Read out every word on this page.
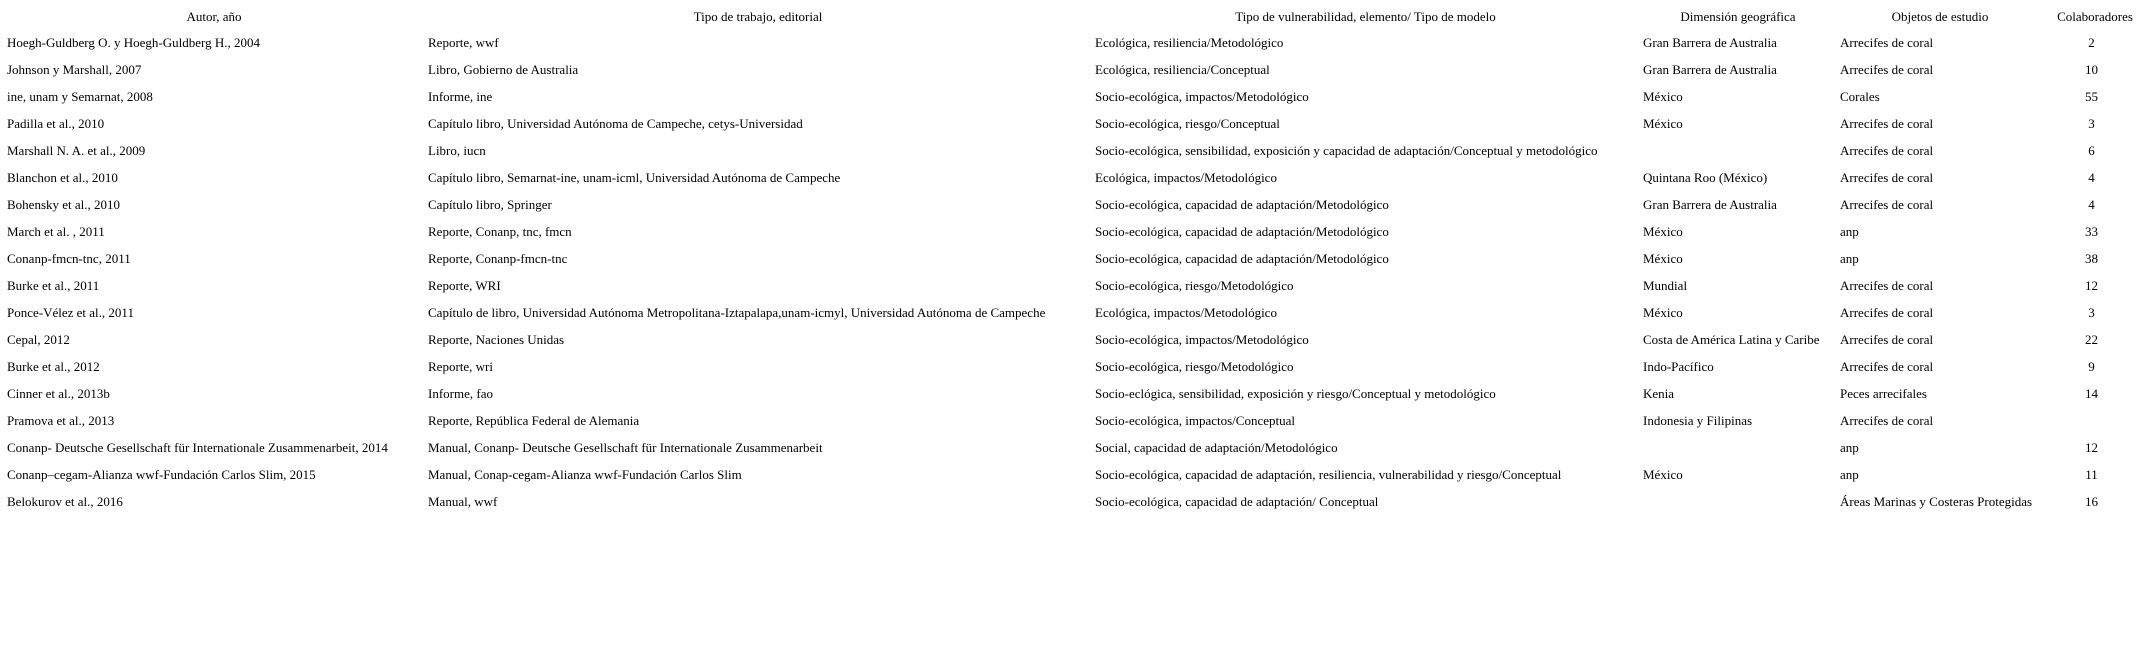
Autor, año	Tipo de trabajo, editorial	Tipo de vulnerabilidad, elemento/ Tipo de modelo	Dimensión geográfica	Objetos de estudio	Colaboradores
Hoegh-Guldberg O. y Hoegh-Guldberg H., 2004	Reporte, wwf	Ecológica, resiliencia/Metodológico	Gran Barrera de Australia	Arrecifes de coral	2
Johnson y Marshall, 2007	Libro, Gobierno de Australia	Ecológica, resiliencia/Conceptual	Gran Barrera de Australia	Arrecifes de coral	10
ine, unam y Semarnat, 2008	Informe, ine	Socio-ecológica, impactos/Metodológico	México	Corales	55
Padilla et al., 2010	Capítulo libro, Universidad Autónoma de Campeche, cetys-Universidad	Socio-ecológica, riesgo/Conceptual	México	Arrecifes de coral	3
Marshall N. A. et al., 2009	Libro, iucn	Socio-ecológica, sensibilidad, exposición y capacidad de adaptación/Conceptual y metodológico		Arrecifes de coral	6
Blanchon et al., 2010	Capítulo libro, Semarnat-ine, unam-icml, Universidad Autónoma de Campeche	Ecológica, impactos/Metodológico	Quintana Roo (México)	Arrecifes de coral	4
Bohensky et al., 2010	Capítulo libro, Springer	Socio-ecológica, capacidad de adaptación/Metodológico	Gran Barrera de Australia	Arrecifes de coral	4
March et al. , 2011	Reporte, Conanp, tnc, fmcn	Socio-ecológica, capacidad de adaptación/Metodológico	México	anp	33
Conanp-fmcn-tnc, 2011	Reporte, Conanp-fmcn-tnc	Socio-ecológica, capacidad de adaptación/Metodológico	México	anp	38
Burke et al., 2011	Reporte, WRI	Socio-ecológica, riesgo/Metodológico	Mundial	Arrecifes de coral	12
Ponce-Vélez et al., 2011	Capítulo de libro, Universidad Autónoma Metropolitana-Iztapalapa,unam-icmyl, Universidad Autónoma de Campeche	Ecológica, impactos/Metodológico	México	Arrecifes de coral	3
Cepal, 2012	Reporte, Naciones Unidas	Socio-ecológica, impactos/Metodológico	Costa de América Latina y Caribe	Arrecifes de coral	22
Burke et al., 2012	Reporte, wri	Socio-ecológica, riesgo/Metodológico	Indo-Pacífico	Arrecifes de coral	9
Cinner et al., 2013b	Informe, fao	Socio-eclógica, sensibilidad, exposición y riesgo/Conceptual y metodológico	Kenia	Peces arrecifales	14
Pramova et al., 2013	Reporte, República Federal de Alemania	Socio-ecológica, impactos/Conceptual	Indonesia y Filipinas	Arrecifes de coral	
Conanp- Deutsche Gesellschaft für Internationale Zusammenarbeit, 2014	Manual, Conanp- Deutsche Gesellschaft für Internationale Zusammenarbeit	Social, capacidad de adaptación/Metodológico		anp	12
Conanp–cegam-Alianza wwf-Fundación Carlos Slim, 2015	Manual, Conap-cegam-Alianza wwf-Fundación Carlos Slim	Socio-ecológica, capacidad de adaptación, resiliencia, vulnerabilidad y riesgo/Conceptual	México	anp	11
Belokurov et al., 2016	Manual, wwf	Socio-ecológica, capacidad de adaptación/ Conceptual		Áreas Marinas y Costeras Protegidas	16
